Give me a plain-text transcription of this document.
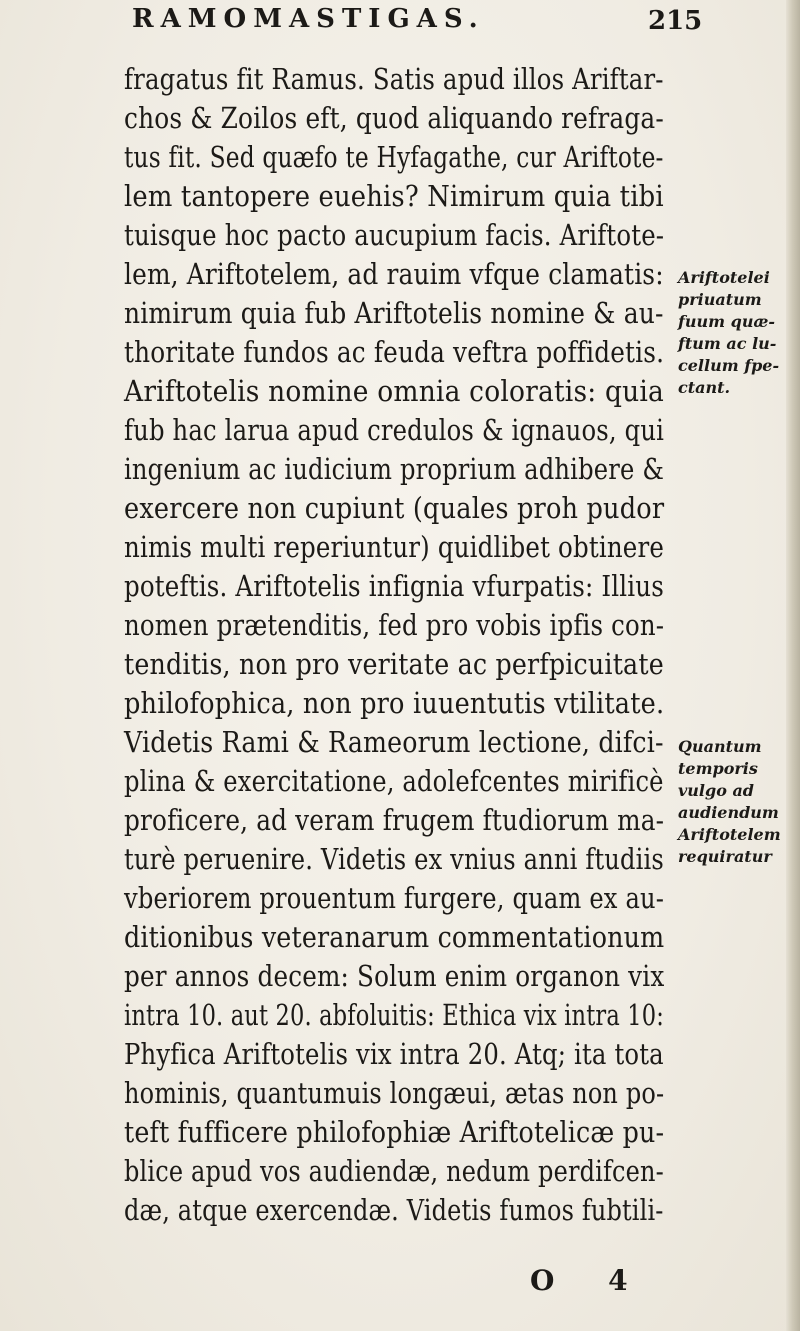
RAMOMASTIGAS.	215
fragatus fit Ramus. Satis apud illos Ariftar-
chos & Zoilos eft, quod aliquando refraga-
tus fit. Sed quæfo te Hyfagathe, cur Ariftote-
lem tantopere euehis? Nimirum quia tibi
tuisque hoc pacto aucupium facis. Ariftote-
lem, Ariftotelem, ad rauim vfque clamatis:
nimirum quia fub Ariftotelis nomine & au-
thoritate fundos ac feuda veftra poffidetis.
Ariftotelis nomine omnia coloratis: quia
fub hac larua apud credulos & ignauos, qui
ingenium ac iudicium proprium adhibere &
exercere non cupiunt (quales proh pudor
nimis multi reperiuntur) quidlibet obtinere
poteftis. Ariftotelis infignia vfurpatis: Illius
nomen prætenditis, fed pro vobis ipfis con-
tenditis, non pro veritate ac perfpicuitate
philofophica, non pro iuuentutis vtilitate.
Videtis Rami & Rameorum lectione, difci-
plina & exercitatione, adolefcentes mirificè
proficere, ad veram frugem ftudiorum ma-
turè peruenire. Videtis ex vnius anni ftudiis
vberiorem prouentum furgere, quam ex au-
ditionibus veteranarum commentationum
per annos decem: Solum enim organon vix
intra 10. aut 20. abfoluitis: Ethica vix intra 10:
Phyfica Ariftotelis vix intra 20. Atq; ita tota
hominis, quantumuis longæui, ætas non po-
teft fufficere philofophiæ Ariftotelicæ pu-
blice apud vos audiendæ, nedum perdifcen-
dæ, atque exercendæ. Videtis fumos fubtili-
Ariftotelei
priuatum
fuum quæ-
ftum ac lu-
cellum fpe-
ctant.
Quantum
temporis
vulgo ad
audiendum
Ariftotelem
requiratur
O 4
